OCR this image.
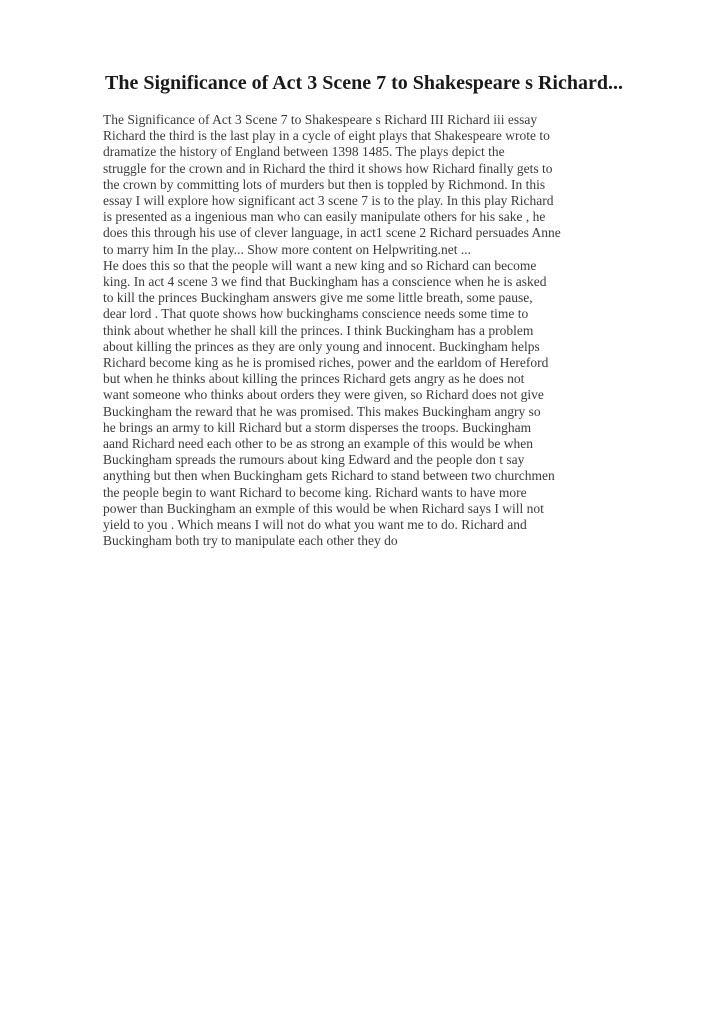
The Significance of Act 3 Scene 7 to Shakespeare s Richard...
The Significance of Act 3 Scene 7 to Shakespeare s Richard III Richard iii essay
Richard the third is the last play in a cycle of eight plays that Shakespeare wrote to
dramatize the history of England between 1398 1485. The plays depict the
struggle for the crown and in Richard the third it shows how Richard finally gets to
the crown by committing lots of murders but then is toppled by Richmond. In this
essay I will explore how significant act 3 scene 7 is to the play. In this play Richard
is presented as a ingenious man who can easily manipulate others for his sake , he
does this through his use of clever language, in act1 scene 2 Richard persuades Anne
to marry him In the play... Show more content on Helpwriting.net ...
He does this so that the people will want a new king and so Richard can become
king. In act 4 scene 3 we find that Buckingham has a conscience when he is asked
to kill the princes Buckingham answers give me some little breath, some pause,
dear lord . That quote shows how buckinghams conscience needs some time to
think about whether he shall kill the princes. I think Buckingham has a problem
about killing the princes as they are only young and innocent. Buckingham helps
Richard become king as he is promised riches, power and the earldom of Hereford
but when he thinks about killing the princes Richard gets angry as he does not
want someone who thinks about orders they were given, so Richard does not give
Buckingham the reward that he was promised. This makes Buckingham angry so
he brings an army to kill Richard but a storm disperses the troops. Buckingham
aand Richard need each other to be as strong an example of this would be when
Buckingham spreads the rumours about king Edward and the people don t say
anything but then when Buckingham gets Richard to stand between two churchmen
the people begin to want Richard to become king. Richard wants to have more
power than Buckingham an exmple of this would be when Richard says I will not
yield to you . Which means I will not do what you want me to do. Richard and
Buckingham both try to manipulate each other they do
